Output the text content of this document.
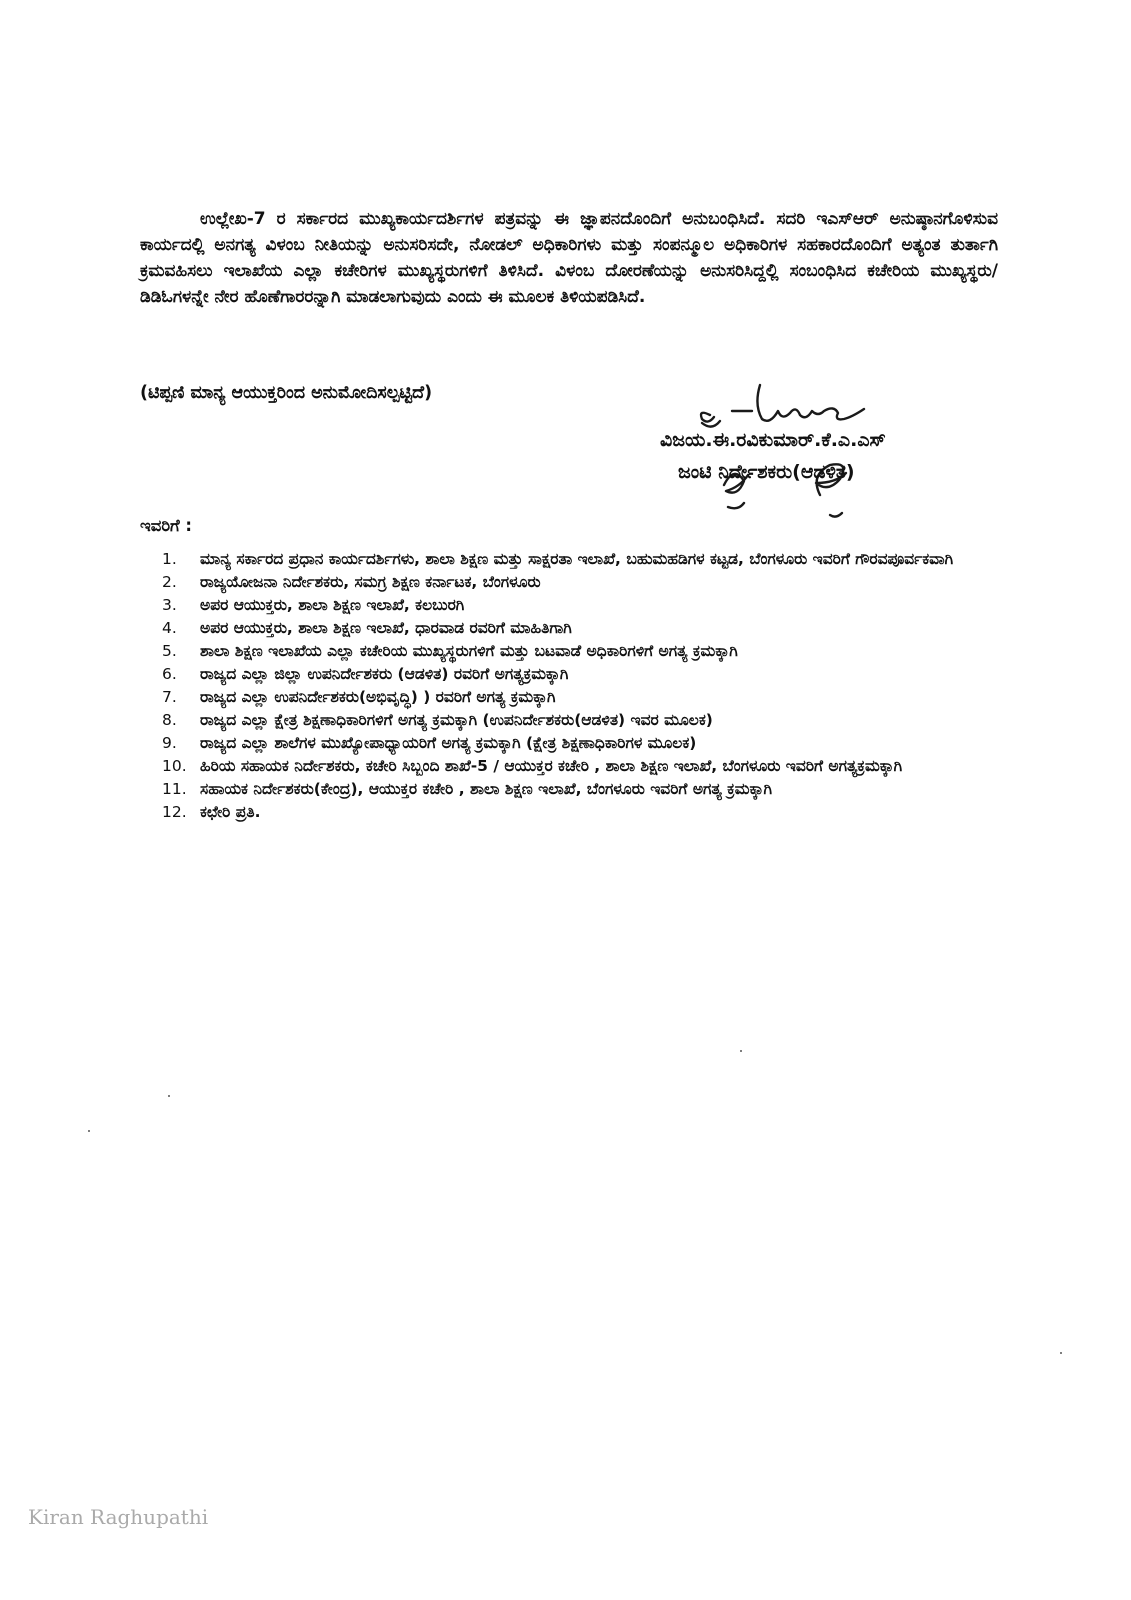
ಉಲ್ಲೇಖ-7 ರ ಸರ್ಕಾರದ ಮುಖ್ಯಕಾರ್ಯದರ್ಶಿಗಳ ಪತ್ರವನ್ನು ಈ ಜ್ಞಾಪನದೊಂದಿಗೆ ಅನುಬಂಧಿಸಿದೆ. ಸದರಿ ಇಎಸ್‌ಆರ್ ಅನುಷ್ಠಾನಗೊಳಿಸುವ ಕಾರ್ಯದಲ್ಲಿ ಅನಗತ್ಯ ವಿಳಂಬ ನೀತಿಯನ್ನು ಅನುಸರಿಸದೇ, ನೋಡಲ್ ಅಧಿಕಾರಿಗಳು ಮತ್ತು ಸಂಪನ್ಮೂಲ ಅಧಿಕಾರಿಗಳ ಸಹಕಾರದೊಂದಿಗೆ ಅತ್ಯಂತ ತುರ್ತಾಗಿ ಕ್ರಮವಹಿಸಲು ಇಲಾಖೆಯ ಎಲ್ಲಾ ಕಚೇರಿಗಳ ಮುಖ್ಯಸ್ಥರುಗಳಿಗೆ ತಿಳಿಸಿದೆ. ವಿಳಂಬ ದೋರಣೆಯನ್ನು ಅನುಸರಿಸಿದ್ದಲ್ಲಿ ಸಂಬಂಧಿಸಿದ ಕಚೇರಿಯ ಮುಖ್ಯಸ್ಥರು/ ಡಿಡಿಓಗಳನ್ನೇ ನೇರ ಹೊಣೆಗಾರರನ್ನಾಗಿ ಮಾಡಲಾಗುವುದು ಎಂದು ಈ ಮೂಲಕ ತಿಳಿಯಪಡಿಸಿದೆ.

(ಟಿಪ್ಪಣಿ ಮಾನ್ಯ ಆಯುಕ್ತರಿಂದ ಅನುಮೋದಿಸಲ್ಪಟ್ಟಿದೆ)

ವಿಜಯ.ಈ.ರವಿಕುಮಾರ್.ಕೆ.ಎ.ಎಸ್
ಜಂಟಿ ನಿರ್ದೇಶಕರು(ಆಡಳಿತ)

ಇವರಿಗೆ :

1. ಮಾನ್ಯ ಸರ್ಕಾರದ ಪ್ರಧಾನ ಕಾರ್ಯದರ್ಶಿಗಳು, ಶಾಲಾ ಶಿಕ್ಷಣ ಮತ್ತು ಸಾಕ್ಷರತಾ ಇಲಾಖೆ, ಬಹುಮಹಡಿಗಳ ಕಟ್ಟಡ, ಬೆಂಗಳೂರು ಇವರಿಗೆ ಗೌರವಪೂರ್ವಕವಾಗಿ
2. ರಾಜ್ಯಯೋಜನಾ ನಿರ್ದೇಶಕರು, ಸಮಗ್ರ ಶಿಕ್ಷಣ ಕರ್ನಾಟಕ, ಬೆಂಗಳೂರು
3. ಅಪರ ಆಯುಕ್ತರು, ಶಾಲಾ ಶಿಕ್ಷಣ ಇಲಾಖೆ, ಕಲಬುರಗಿ
4. ಅಪರ ಆಯುಕ್ತರು, ಶಾಲಾ ಶಿಕ್ಷಣ ಇಲಾಖೆ, ಧಾರವಾಡ ರವರಿಗೆ ಮಾಹಿತಿಗಾಗಿ
5. ಶಾಲಾ ಶಿಕ್ಷಣ ಇಲಾಖೆಯ ಎಲ್ಲಾ ಕಚೇರಿಯ ಮುಖ್ಯಸ್ಥರುಗಳಿಗೆ ಮತ್ತು ಬಟವಾಡೆ ಅಧಿಕಾರಿಗಳಿಗೆ ಅಗತ್ಯ ಕ್ರಮಕ್ಕಾಗಿ
6. ರಾಜ್ಯದ ಎಲ್ಲಾ ಜಿಲ್ಲಾ ಉಪನಿರ್ದೇಶಕರು (ಆಡಳಿತ) ರವರಿಗೆ ಅಗತ್ಯಕ್ರಮಕ್ಕಾಗಿ
7. ರಾಜ್ಯದ ಎಲ್ಲಾ ಉಪನಿರ್ದೇಶಕರು(ಅಭಿವೃದ್ಧಿ) ) ರವರಿಗೆ ಅಗತ್ಯ ಕ್ರಮಕ್ಕಾಗಿ
8. ರಾಜ್ಯದ ಎಲ್ಲಾ ಕ್ಷೇತ್ರ ಶಿಕ್ಷಣಾಧಿಕಾರಿಗಳಿಗೆ ಅಗತ್ಯ ಕ್ರಮಕ್ಕಾಗಿ (ಉಪನಿರ್ದೇಶಕರು(ಆಡಳಿತ) ಇವರ ಮೂಲಕ)
9. ರಾಜ್ಯದ ಎಲ್ಲಾ ಶಾಲೆಗಳ ಮುಖ್ಯೋಪಾಧ್ಯಾಯರಿಗೆ ಅಗತ್ಯ ಕ್ರಮಕ್ಕಾಗಿ (ಕ್ಷೇತ್ರ ಶಿಕ್ಷಣಾಧಿಕಾರಿಗಳ ಮೂಲಕ)
10. ಹಿರಿಯ ಸಹಾಯಕ ನಿರ್ದೇಶಕರು, ಕಚೇರಿ ಸಿಬ್ಬಂದಿ ಶಾಖೆ-5 / ಆಯುಕ್ತರ ಕಚೇರಿ , ಶಾಲಾ ಶಿಕ್ಷಣ ಇಲಾಖೆ, ಬೆಂಗಳೂರು ಇವರಿಗೆ ಅಗತ್ಯಕ್ರಮಕ್ಕಾಗಿ
11. ಸಹಾಯಕ ನಿರ್ದೇಶಕರು(ಕೇಂದ್ರ), ಆಯುಕ್ತರ ಕಚೇರಿ , ಶಾಲಾ ಶಿಕ್ಷಣ ಇಲಾಖೆ, ಬೆಂಗಳೂರು ಇವರಿಗೆ ಅಗತ್ಯ ಕ್ರಮಕ್ಕಾಗಿ
12. ಕಛೇರಿ ಪ್ರತಿ.
Kiran Raghupathi
